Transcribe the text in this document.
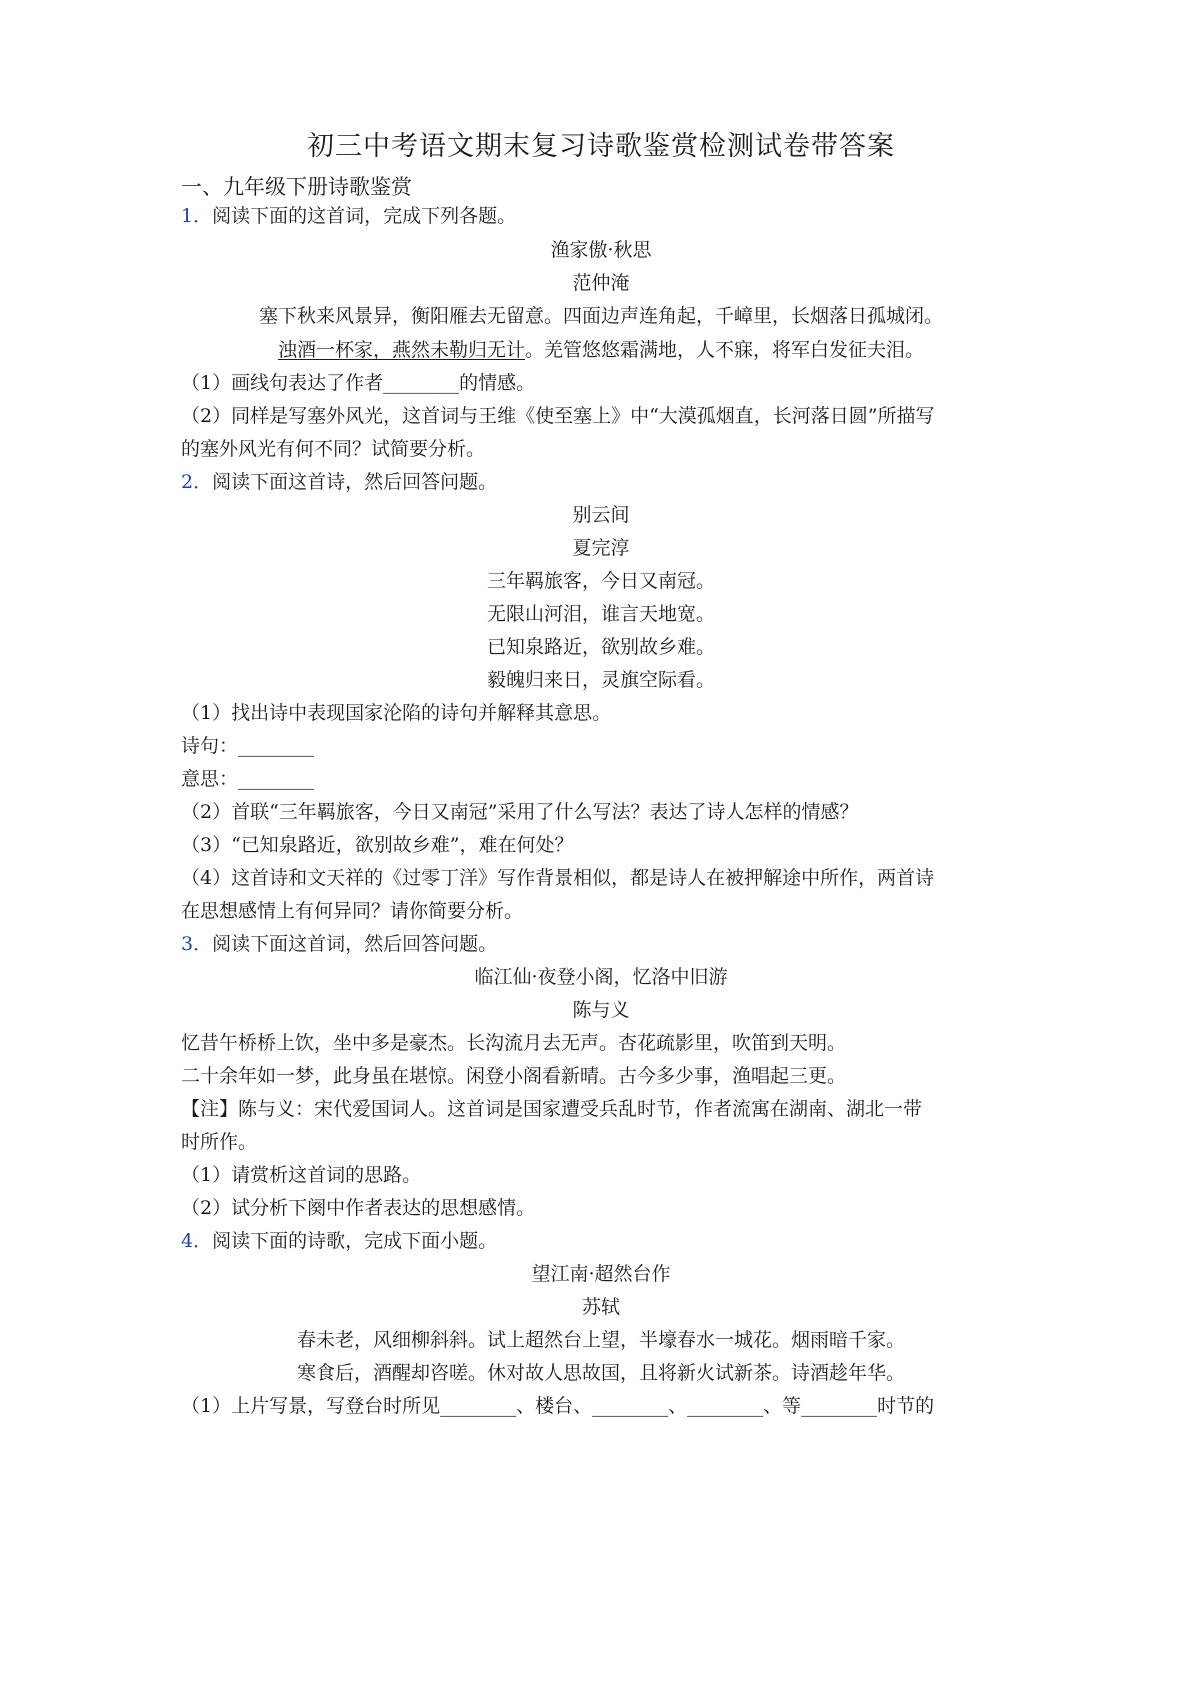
初三中考语文期末复习诗歌鉴赏检测试卷带答案
一、九年级下册诗歌鉴赏
1．阅读下面的这首词，完成下列各题。
渔家傲·秋思
范仲淹
塞下秋来风景异，衡阳雁去无留意。四面边声连角起，千嶂里，长烟落日孤城闭。
浊酒一杯家，燕然未勒归无计。羌管悠悠霜满地，人不寐，将军白发征夫泪。
（1）画线句表达了作者________的情感。
（2）同样是写塞外风光，这首词与王维《使至塞上》中“大漠孤烟直，长河落日圆”所描写
的塞外风光有何不同？试简要分析。
2．阅读下面这首诗，然后回答问题。
别云间
夏完淳
三年羁旅客，今日又南冠。
无限山河泪，谁言天地宽。
已知泉路近，欲别故乡难。
毅魄归来日，灵旗空际看。
（1）找出诗中表现国家沦陷的诗句并解释其意思。
诗句：________
意思：________
（2）首联“三年羁旅客，今日又南冠”采用了什么写法？表达了诗人怎样的情感？
（3）“已知泉路近，欲别故乡难”，难在何处？
（4）这首诗和文天祥的《过零丁洋》写作背景相似，都是诗人在被押解途中所作，两首诗
在思想感情上有何异同？请你简要分析。
3．阅读下面这首词，然后回答问题。
临江仙·夜登小阁，忆洛中旧游
陈与义
忆昔午桥桥上饮，坐中多是豪杰。长沟流月去无声。杏花疏影里，吹笛到天明。
二十余年如一梦，此身虽在堪惊。闲登小阁看新晴。古今多少事，渔唱起三更。
【注】陈与义：宋代爱国词人。这首词是国家遭受兵乱时节，作者流寓在湖南、湖北一带
时所作。
（1）请赏析这首词的思路。
（2）试分析下阕中作者表达的思想感情。
4．阅读下面的诗歌，完成下面小题。
望江南·超然台作
苏轼
春未老，风细柳斜斜。试上超然台上望，半壕春水一城花。烟雨暗千家。
寒食后，酒醒却咨嗟。休对故人思故国，且将新火试新茶。诗酒趁年华。
（1）上片写景，写登台时所见________、楼台、________、________、等________时节的
